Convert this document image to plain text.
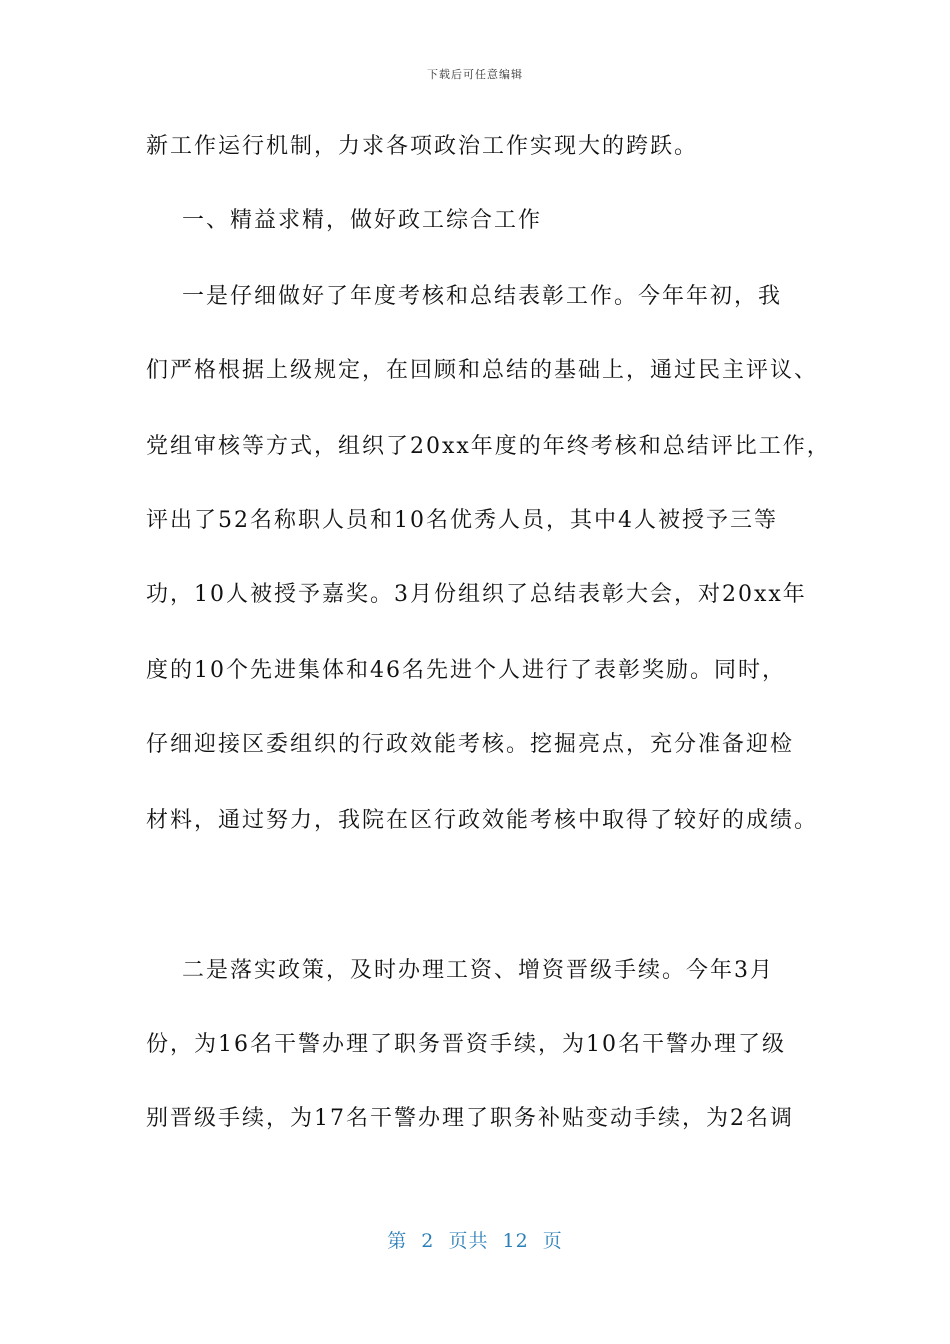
下载后可任意编辑
新工作运行机制，力求各项政治工作实现大的跨跃。
一、精益求精，做好政工综合工作
一是仔细做好了年度考核和总结表彰工作。今年年初，我
们严格根据上级规定，在回顾和总结的基础上，通过民主评议、
党组审核等方式，组织了20xx年度的年终考核和总结评比工作，
评出了52名称职人员和10名优秀人员，其中4人被授予三等
功，10人被授予嘉奖。3月份组织了总结表彰大会，对20xx年
度的10个先进集体和46名先进个人进行了表彰奖励。同时，
仔细迎接区委组织的行政效能考核。挖掘亮点，充分准备迎检
材料，通过努力，我院在区行政效能考核中取得了较好的成绩。
二是落实政策，及时办理工资、增资晋级手续。今年3月
份，为16名干警办理了职务晋资手续，为10名干警办理了级
别晋级手续，为17名干警办理了职务补贴变动手续，为2名调
第  2  页共  12  页
